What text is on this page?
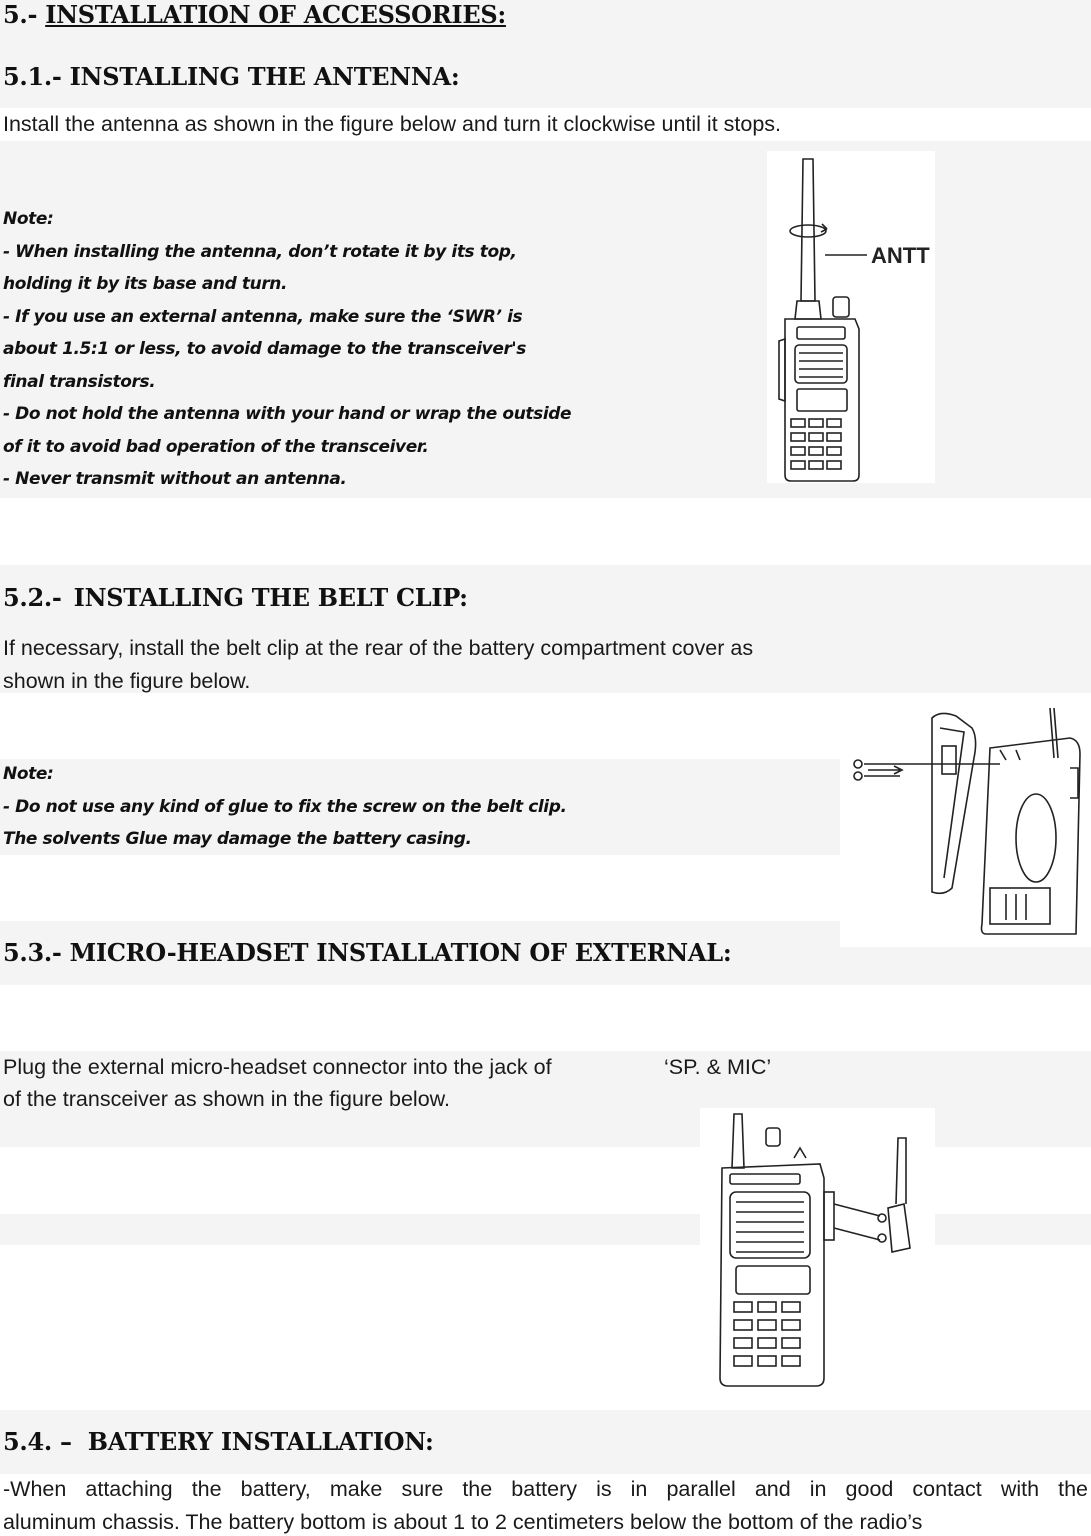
5.- INSTALLATION OF ACCESSORIES:
5.1.- INSTALLING THE ANTENNA:
Install the antenna as shown in the figure below and turn it clockwise until it stops.
Note:
- When installing the antenna, don’t rotate it by its top,
holding it by its base and turn.
- If you use an external antenna, make sure the ‘SWR’ is
about 1.5:1 or less, to avoid damage to the transceiver's
final transistors.
- Do not hold the antenna with your hand or wrap the outside
of it to avoid bad operation of the transceiver.
- Never transmit without an antenna.
ANTT
5.2.- INSTALLING THE BELT CLIP:
If necessary, install the belt clip at the rear of the battery compartment cover as
shown in the figure below.
Note:
- Do not use any kind of glue to fix the screw on the belt clip.
The solvents Glue may damage the battery casing.
5.3.- MICRO-HEADSET INSTALLATION OF EXTERNAL:
Plug the external micro-headset connector into the jack of	‘SP. & MIC’
of the transceiver as shown in the figure below.
5.4. –  BATTERY INSTALLATION:
-When attaching the battery, make sure the battery is in parallel and in good contact with the
aluminum chassis. The battery bottom is about 1 to 2 centimeters below the bottom of the radio’s
